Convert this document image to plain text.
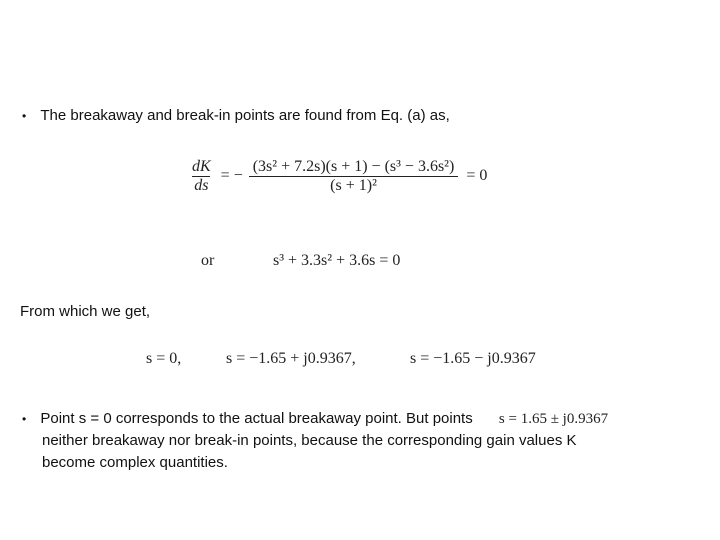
• The breakaway and break-in points are found from Eq. (a) as,
$\frac{dK}{ds}$ = − $\frac{\text{(3s² + 7.2s)(s + 1) − (s³ − 3.6s²)}}{\text{(s + 1)²}} = 0$
or	s³ + 3.3s² + 3.6s = 0
From which we get,
s = 0,	s = −1.65 + j0.9367,	s = −1.65 − j0.9367
• Point s = 0 corresponds to the actual breakaway point. But points s = 1.65 ± j0.9367
neither breakaway nor break-in points, because the corresponding gain values K
become complex quantities.
